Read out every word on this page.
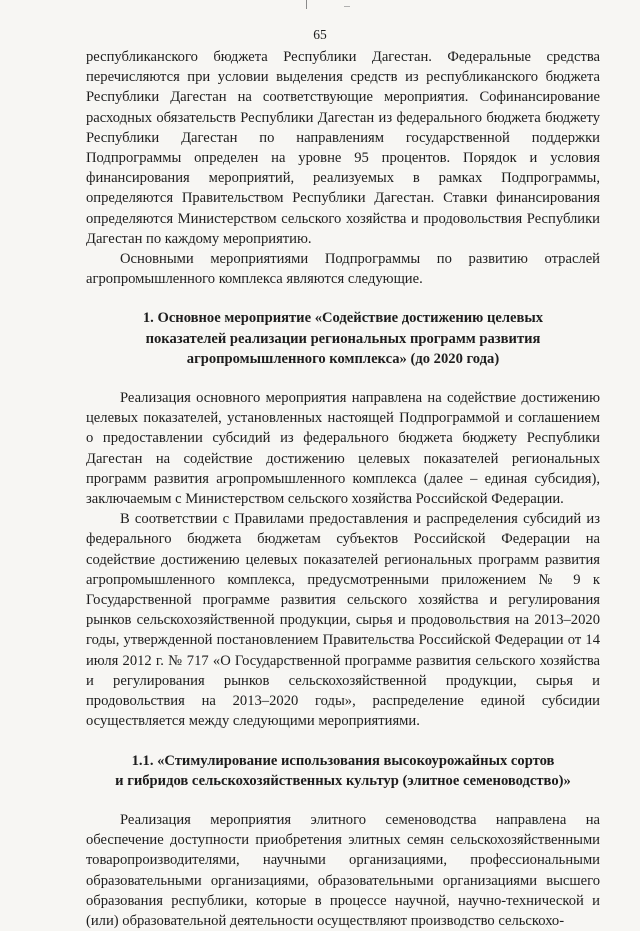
65

республиканского бюджета Республики Дагестан. Федеральные средства перечисляются при условии выделения средств из республиканского бюджета Республики Дагестан на соответствующие мероприятия. Софинансирование расходных обязательств Республики Дагестан из федерального бюджета бюджету Республики Дагестан по направлениям государственной поддержки Подпрограммы определен на уровне 95 процентов. Порядок и условия финансирования мероприятий, реализуемых в рамках Подпрограммы, определяются Правительством Республики Дагестан. Ставки финансирования определяются Министерством сельского хозяйства и продовольствия Республики Дагестан по каждому мероприятию.

Основными мероприятиями Подпрограммы по развитию отраслей агропромышленного комплекса являются следующие.

1. Основное мероприятие «Содействие достижению целевых
показателей реализации региональных программ развития
агропромышленного комплекса» (до 2020 года)

Реализация основного мероприятия направлена на содействие достижению целевых показателей, установленных настоящей Подпрограммой и соглашением о предоставлении субсидий из федерального бюджета бюджету Республики Дагестан на содействие достижению целевых показателей региональных программ развития агропромышленного комплекса (далее – единая субсидия), заключаемым с Министерством сельского хозяйства Российской Федерации.

В соответствии с Правилами предоставления и распределения субсидий из федерального бюджета бюджетам субъектов Российской Федерации на содействие достижению целевых показателей региональных программ развития агропромышленного комплекса, предусмотренными приложением № 9 к Государственной программе развития сельского хозяйства и регулирования рынков сельскохозяйственной продукции, сырья и продовольствия на 2013–2020 годы, утвержденной постановлением Правительства Российской Федерации от 14 июля 2012 г. № 717 «О Государственной программе развития сельского хозяйства и регулирования рынков сельскохозяйственной продукции, сырья и продовольствия на 2013–2020 годы», распределение единой субсидии осуществляется между следующими мероприятиями.

1.1. «Стимулирование использования высокоурожайных сортов
и гибридов сельскохозяйственных культур (элитное семеноводство)»

Реализация мероприятия элитного семеноводства направлена на обеспечение доступности приобретения элитных семян сельскохозяйственными товаропроизводителями, научными организациями, профессиональными образовательными организациями, образовательными организациями высшего образования республики, которые в процессе научной, научно-технической и (или) образовательной деятельности осуществляют производство сельскохо-
